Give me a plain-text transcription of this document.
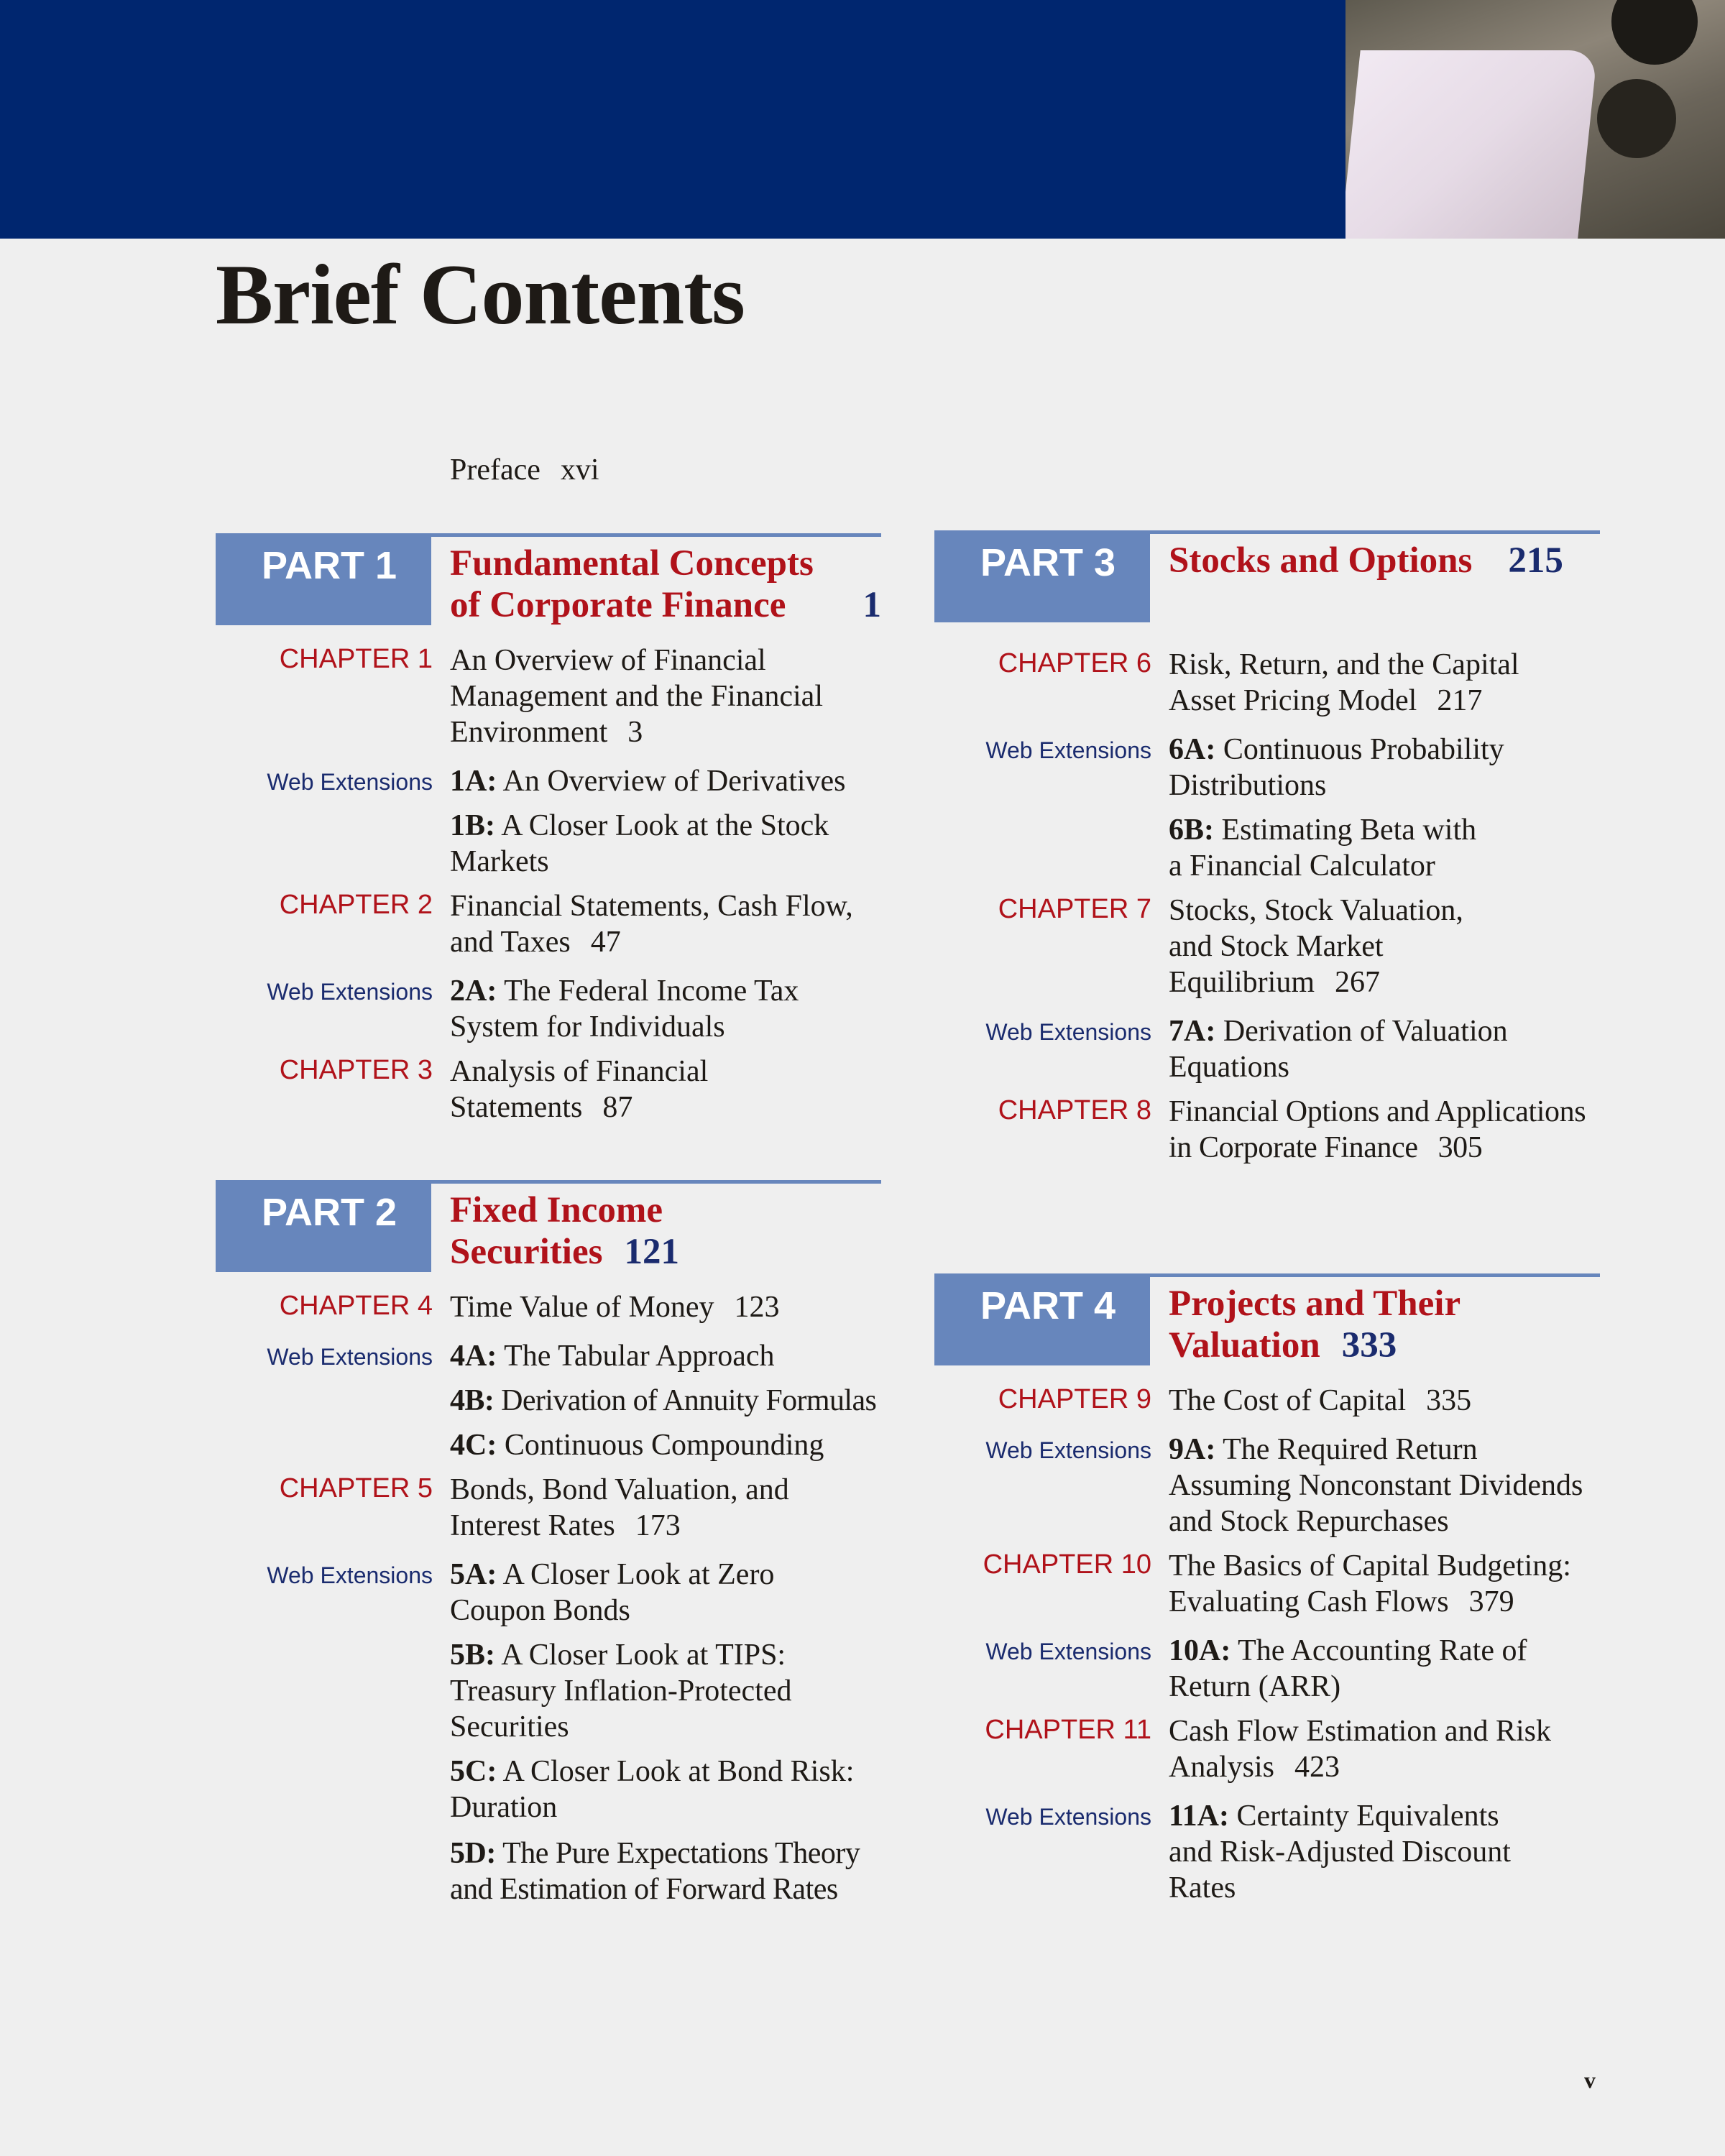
Brief Contents
Preface xvi
PART 1	Fundamental Concepts
of Corporate Finance 1
CHAPTER 1 An Overview of Financial
Management and the Financial
Environment 3
Web Extensions 1A: An Overview of Derivatives
1B: A Closer Look at the Stock
Markets
CHAPTER 2 Financial Statements, Cash Flow,
and Taxes 47
Web Extensions 2A: The Federal Income Tax
System for Individuals
CHAPTER 3 Analysis of Financial
Statements 87
PART 2	Fixed Income
Securities 121
CHAPTER 4 Time Value of Money 123
Web Extensions 4A: The Tabular Approach
4B: Derivation of Annuity Formulas
4C: Continuous Compounding
CHAPTER 5 Bonds, Bond Valuation, and
Interest Rates 173
Web Extensions 5A: A Closer Look at Zero
Coupon Bonds
5B: A Closer Look at TIPS:
Treasury Inflation-Protected
Securities
5C: A Closer Look at Bond Risk:
Duration
5D: The Pure Expectations Theory
and Estimation of Forward Rates
PART 3	Stocks and Options 215
CHAPTER 6 Risk, Return, and the Capital
Asset Pricing Model 217
Web Extensions 6A: Continuous Probability
Distributions
6B: Estimating Beta with
a Financial Calculator
CHAPTER 7 Stocks, Stock Valuation,
and Stock Market
Equilibrium 267
Web Extensions 7A: Derivation of Valuation
Equations
CHAPTER 8 Financial Options and Applications
in Corporate Finance 305
PART 4	Projects and Their
Valuation 333
CHAPTER 9 The Cost of Capital 335
Web Extensions 9A: The Required Return
Assuming Nonconstant Dividends
and Stock Repurchases
CHAPTER 10 The Basics of Capital Budgeting:
Evaluating Cash Flows 379
Web Extensions 10A: The Accounting Rate of
Return (ARR)
CHAPTER 11 Cash Flow Estimation and Risk
Analysis 423
Web Extensions 11A: Certainty Equivalents
and Risk-Adjusted Discount
Rates
v
